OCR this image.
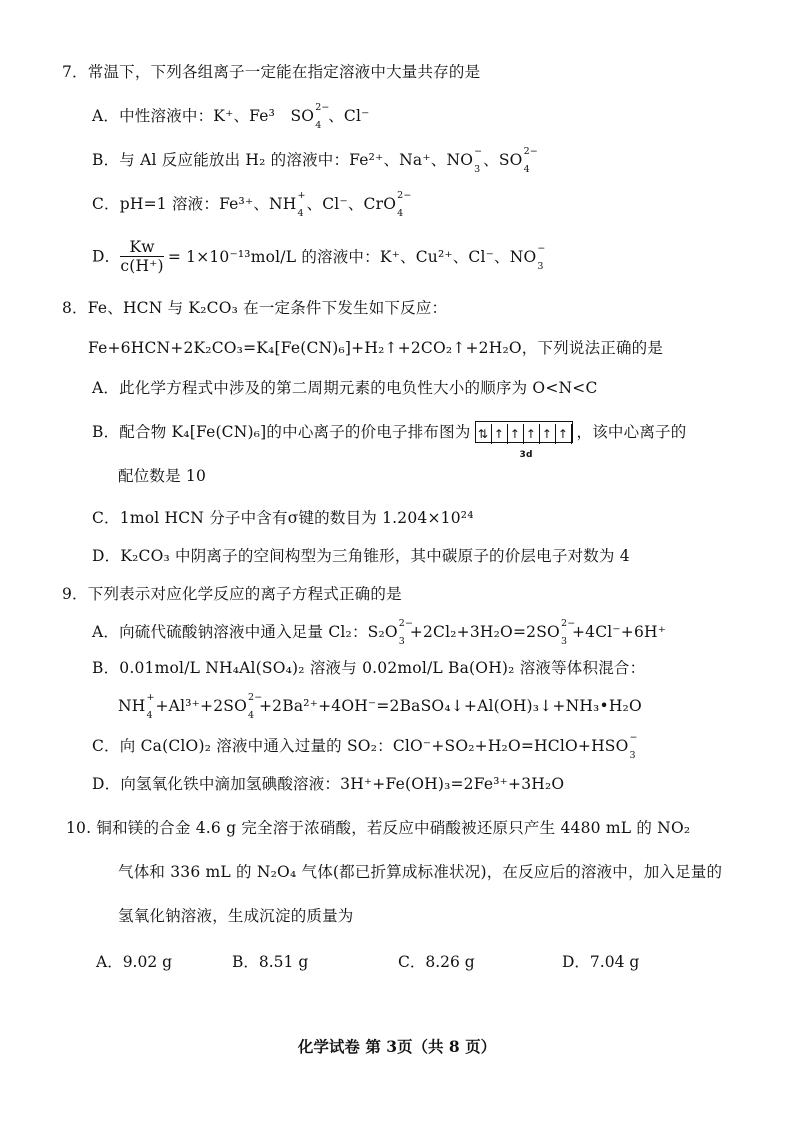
7．常温下，下列各组离子一定能在指定溶液中大量共存的是
A．中性溶液中：K⁺、Fe³ SO 2−
4
、Cl⁻
B．与 Al 反应能放出 H₂ 的溶液中：Fe²⁺、Na⁺、NO −
3
、SO 2−
4
C．pH=1 溶液：Fe³⁺、NH +
4
、Cl⁻、CrO 2−
4
D． $\frac{Kw}{c(H^+)} = 1\times 10^{-13}mol/L$ 的溶液中：K⁺、Cu²⁺、Cl⁻、NO −
3
8．Fe、HCN 与 K₂CO₃ 在一定条件下发生如下反应：
Fe+6HCN+2K₂CO₃=K₄[Fe(CN)₆]+H₂↑+2CO₂↑+2H₂O，下列说法正确的是
A．此化学方程式中涉及的第二周期元素的电负性大小的顺序为 O<N<C
B．配合物 K₄[Fe(CN)₆]的中心离子的价电子排布图为 ⇅ ↑ ↑ ↑ ↑ ↑
3d
，该中心离子的
配位数是 10
C．1mol HCN 分子中含有σ键的数目为 1.204×10²⁴
D．K₂CO₃ 中阴离子的空间构型为三角锥形，其中碳原子的价层电子对数为 4
9．下列表示对应化学反应的离子方程式正确的是
A．向硫代硫酸钠溶液中通入足量 Cl₂：S₂O 2−
3
+2Cl₂+3H₂O=2SO 2−
3
+4Cl⁻+6H⁺
B．0.01mol/L NH₄Al(SO₄)₂ 溶液与 0.02mol/L Ba(OH)₂ 溶液等体积混合：
NH +
4
+Al³⁺+2SO 2−
4
+2Ba²⁺+4OH⁻=2BaSO₄↓+Al(OH)₃↓+NH₃•H₂O
C．向 Ca(ClO)₂ 溶液中通入过量的 SO₂：ClO⁻+SO₂+H₂O=HClO+HSO −
3
D．向氢氧化铁中滴加氢碘酸溶液：3H⁺+Fe(OH)₃=2Fe³⁺+3H₂O
10. 铜和镁的合金 4.6 g 完全溶于浓硝酸，若反应中硝酸被还原只产生 4480 mL 的 NO₂
气体和 336 mL 的 N₂O₄ 气体(都已折算成标准状况)，在反应后的溶液中，加入足量的
氢氧化钠溶液，生成沉淀的质量为
A．9.02 g	B．8.51 g	C．8.26 g	D．7.04 g
化学试卷 第 3页（共 8 页）
